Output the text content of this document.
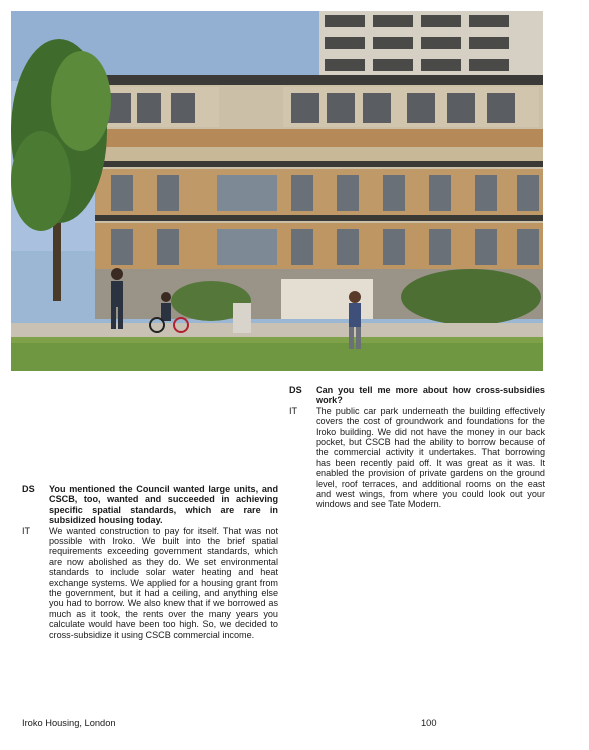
DS	You mentioned the Council wanted large units, and CSCB, too, wanted and succeeded in achieving specific spatial standards, which are rare in subsidized housing today.
IT	We wanted construction to pay for itself. That was not possible with Iroko. We built into the brief spatial requirements exceeding government standards, which are now abolished as they do. We set environmental standards to include solar water heating and heat exchange systems. We applied for a housing grant from the government, but it had a ceiling, and anything else you had to borrow. We also knew that if we borrowed as much as it took, the rents over the many years you calculate would have been too high. So, we decided to cross-subsidize it using CSCB commercial income.
DS	Can you tell me more about how cross-subsidies work?
IT	The public car park underneath the building effectively covers the cost of groundwork and foundations for the Iroko building. We did not have the money in our back pocket, but CSCB had the ability to borrow because of the commercial activity it undertakes. That borrowing has been recently paid off. It was great as it was. It enabled the provision of private gardens on the ground level, roof terraces, and additional rooms on the east and west wings, from where you could look out your windows and see Tate Modern.
Iroko Housing, London	100
